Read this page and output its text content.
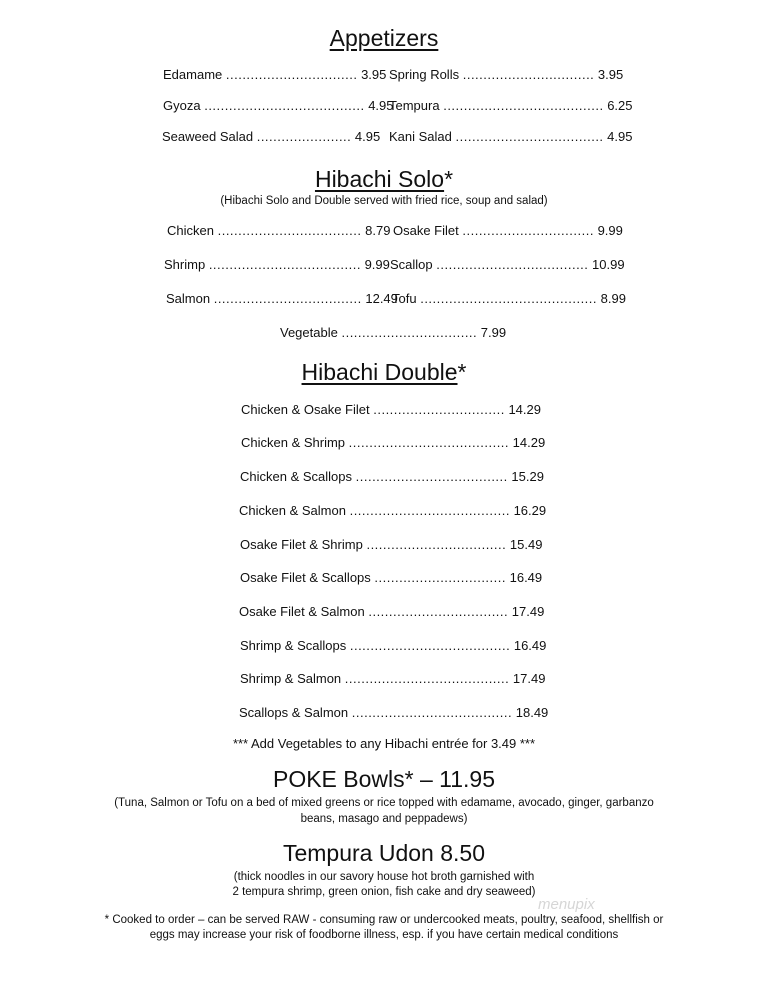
Appetizers
Edamame ................................ 3.95 Spring Rolls ................................ 3.95
Gyoza ....................................... 4.95
Tempura ....................................... 6.25
Seaweed Salad ....................... 4.95 Kani Salad .................................... 4.95
Hibachi Solo*
(Hibachi Solo and Double served with fried rice, soup and salad)
Chicken ................................... 8.79 Osake Filet ................................ 9.99
Shrimp ..................................... 9.99 Scallop ..................................... 10.99
Salmon .................................... 12.49
Tofu ........................................... 8.99
Vegetable ................................. 7.99
Hibachi Double*
Chicken & Osake Filet ................................ 14.29
Chicken & Shrimp ....................................... 14.29
Chicken & Scallops ..................................... 15.29
Chicken & Salmon ....................................... 16.29
Osake Filet & Shrimp .................................. 15.49
Osake Filet & Scallops ................................ 16.49
Osake Filet & Salmon .................................. 17.49
Shrimp & Scallops ....................................... 16.49
Shrimp & Salmon ........................................ 17.49
Scallops & Salmon ....................................... 18.49
*** Add Vegetables to any Hibachi entrée for 3.49 ***
POKE Bowls* – 11.95
(Tuna, Salmon or Tofu on a bed of mixed greens or rice topped with edamame, avocado, ginger, garbanzo
beans, masago and peppadews)
Tempura Udon 8.50
(thick noodles in our savory house hot broth garnished with
2 tempura shrimp, green onion, fish cake and dry seaweed)
menupix
* Cooked to order – can be served RAW - consuming raw or undercooked meats, poultry, seafood, shellfish or
eggs may increase your risk of foodborne illness, esp. if you have certain medical conditions
